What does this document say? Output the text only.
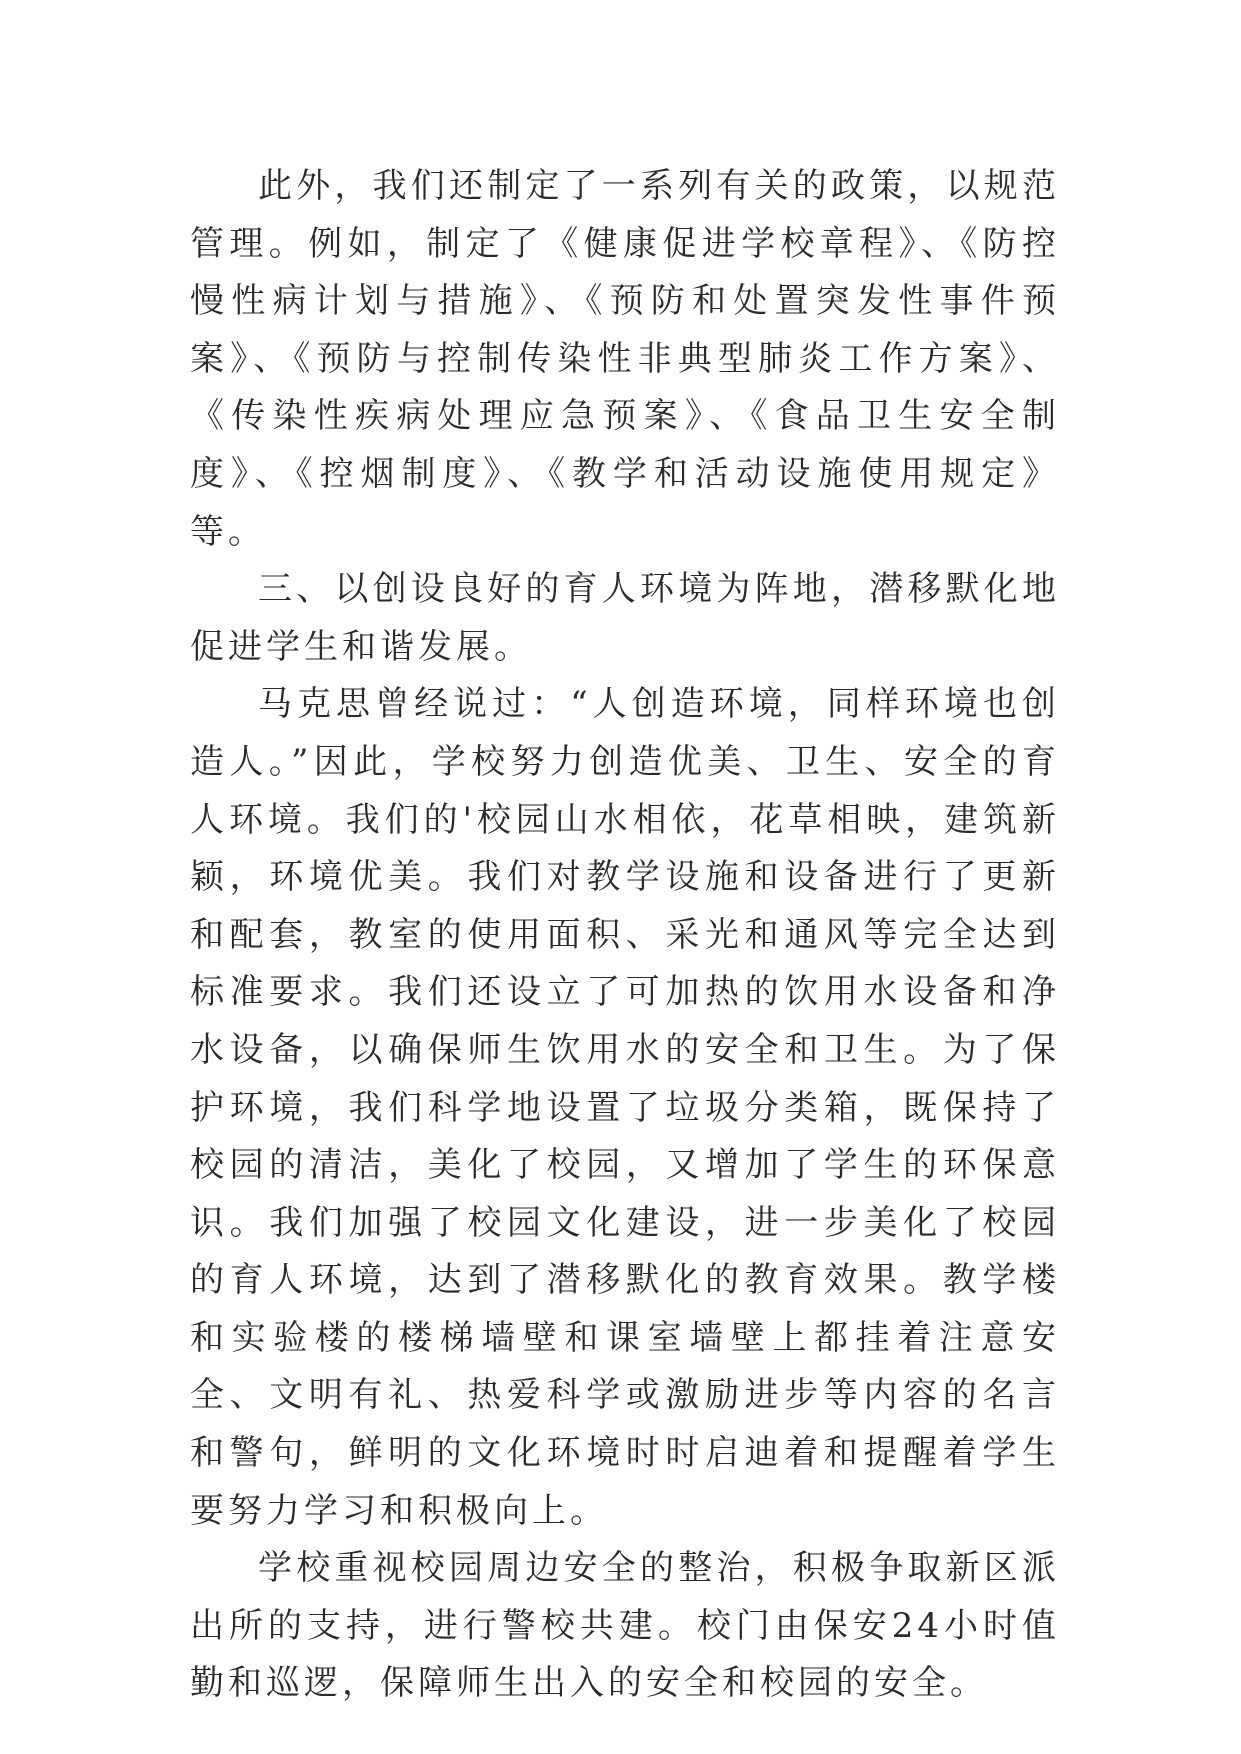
此外，我们还制定了一系列有关的政策，以规范管理。例如，制定了《健康促进学校章程》、《防控慢性病计划与措施》、《预防和处置突发性事件预案》、《预防与控制传染性非典型肺炎工作方案》、《传染性疾病处理应急预案》、《食品卫生安全制度》、《控烟制度》、《教学和活动设施使用规定》等。

三、以创设良好的育人环境为阵地，潜移默化地促进学生和谐发展。

马克思曾经说过：“人创造环境，同样环境也创造人。”因此，学校努力创造优美、卫生、安全的育人环境。我们的'校园山水相依，花草相映，建筑新颖，环境优美。我们对教学设施和设备进行了更新和配套，教室的使用面积、采光和通风等完全达到标准要求。我们还设立了可加热的饮用水设备和净水设备，以确保师生饮用水的安全和卫生。为了保护环境，我们科学地设置了垃圾分类箱，既保持了校园的清洁，美化了校园，又增加了学生的环保意识。我们加强了校园文化建设，进一步美化了校园的育人环境，达到了潜移默化的教育效果。教学楼和实验楼的楼梯墙壁和课室墙壁上都挂着注意安全、文明有礼、热爱科学或激励进步等内容的名言和警句，鲜明的文化环境时时启迪着和提醒着学生要努力学习和积极向上。

学校重视校园周边安全的整治，积极争取新区派出所的支持，进行警校共建。校门由保安24小时值勤和巡逻，保障师生出入的安全和校园的安全。
